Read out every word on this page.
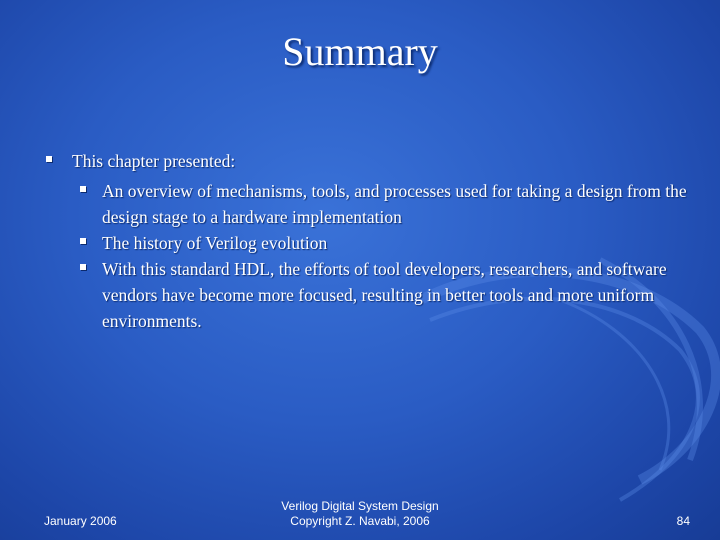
Summary
This chapter presented:
An overview of mechanisms, tools, and processes used for taking a design from the design stage to a hardware implementation
The history of Verilog evolution
With this standard HDL, the efforts of tool developers, researchers, and software vendors have become more focused, resulting in better tools and more uniform environments.
January 2006
Verilog Digital System Design
Copyright Z. Navabi, 2006	84
